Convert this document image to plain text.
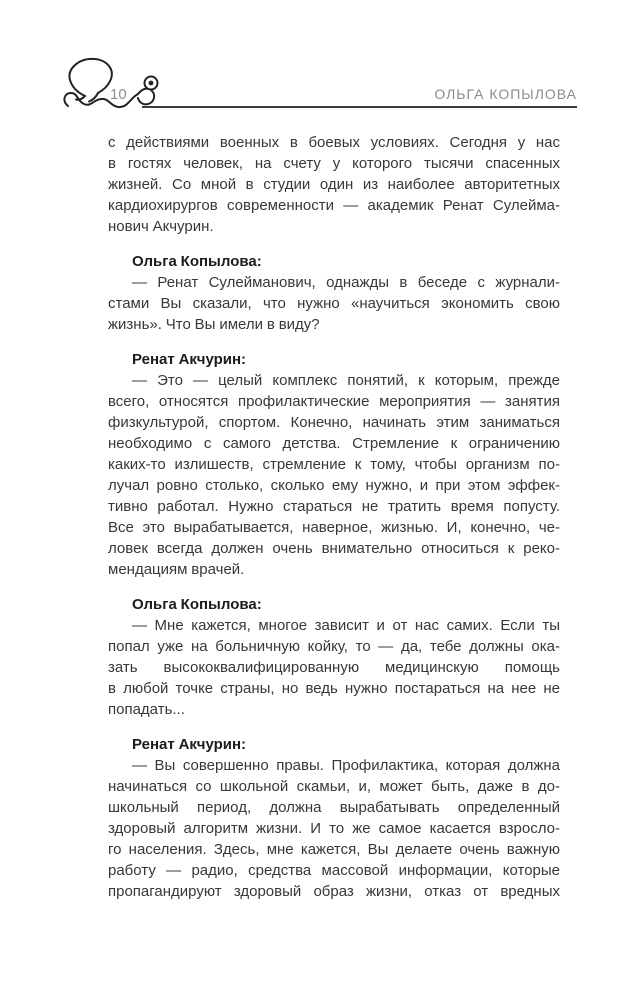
10	ОЛЬГА КОПЫЛОВА
с действиями военных в боевых условиях. Сегодня у нас
в гостях человек, на счету у которого тысячи спасенных
жизней. Со мной в студии один из наиболее авторитетных
кардиохирургов современности — академик Ренат Сулейма-
нович Акчурин.

Ольга Копылова:

— Ренат Сулейманович, однажды в беседе с журнали-
стами Вы сказали, что нужно «научиться экономить свою
жизнь». Что Вы имели в виду?

Ренат Акчурин:

— Это — целый комплекс понятий, к которым, прежде
всего, относятся профилактические мероприятия — занятия
физкультурой, спортом. Конечно, начинать этим заниматься
необходимо с самого детства. Стремление к ограничению
каких-то излишеств, стремление к тому, чтобы организм по-
лучал ровно столько, сколько ему нужно, и при этом эффек-
тивно работал. Нужно стараться не тратить время попусту.
Все это вырабатывается, наверное, жизнью. И, конечно, че-
ловек всегда должен очень внимательно относиться к реко-
мендациям врачей.

Ольга Копылова:

— Мне кажется, многое зависит и от нас самих. Если ты
попал уже на больничную койку, то — да, тебе должны ока-
зать высококвалифицированную медицинскую помощь
в любой точке страны, но ведь нужно постараться на нее не
попадать...

Ренат Акчурин:

— Вы совершенно правы. Профилактика, которая должна
начинаться со школьной скамьи, и, может быть, даже в до-
школьный период, должна вырабатывать определенный
здоровый алгоритм жизни. И то же самое касается взросло-
го населения. Здесь, мне кажется, Вы делаете очень важную
работу — радио, средства массовой информации, которые
пропагандируют здоровый образ жизни, отказ от вредных
